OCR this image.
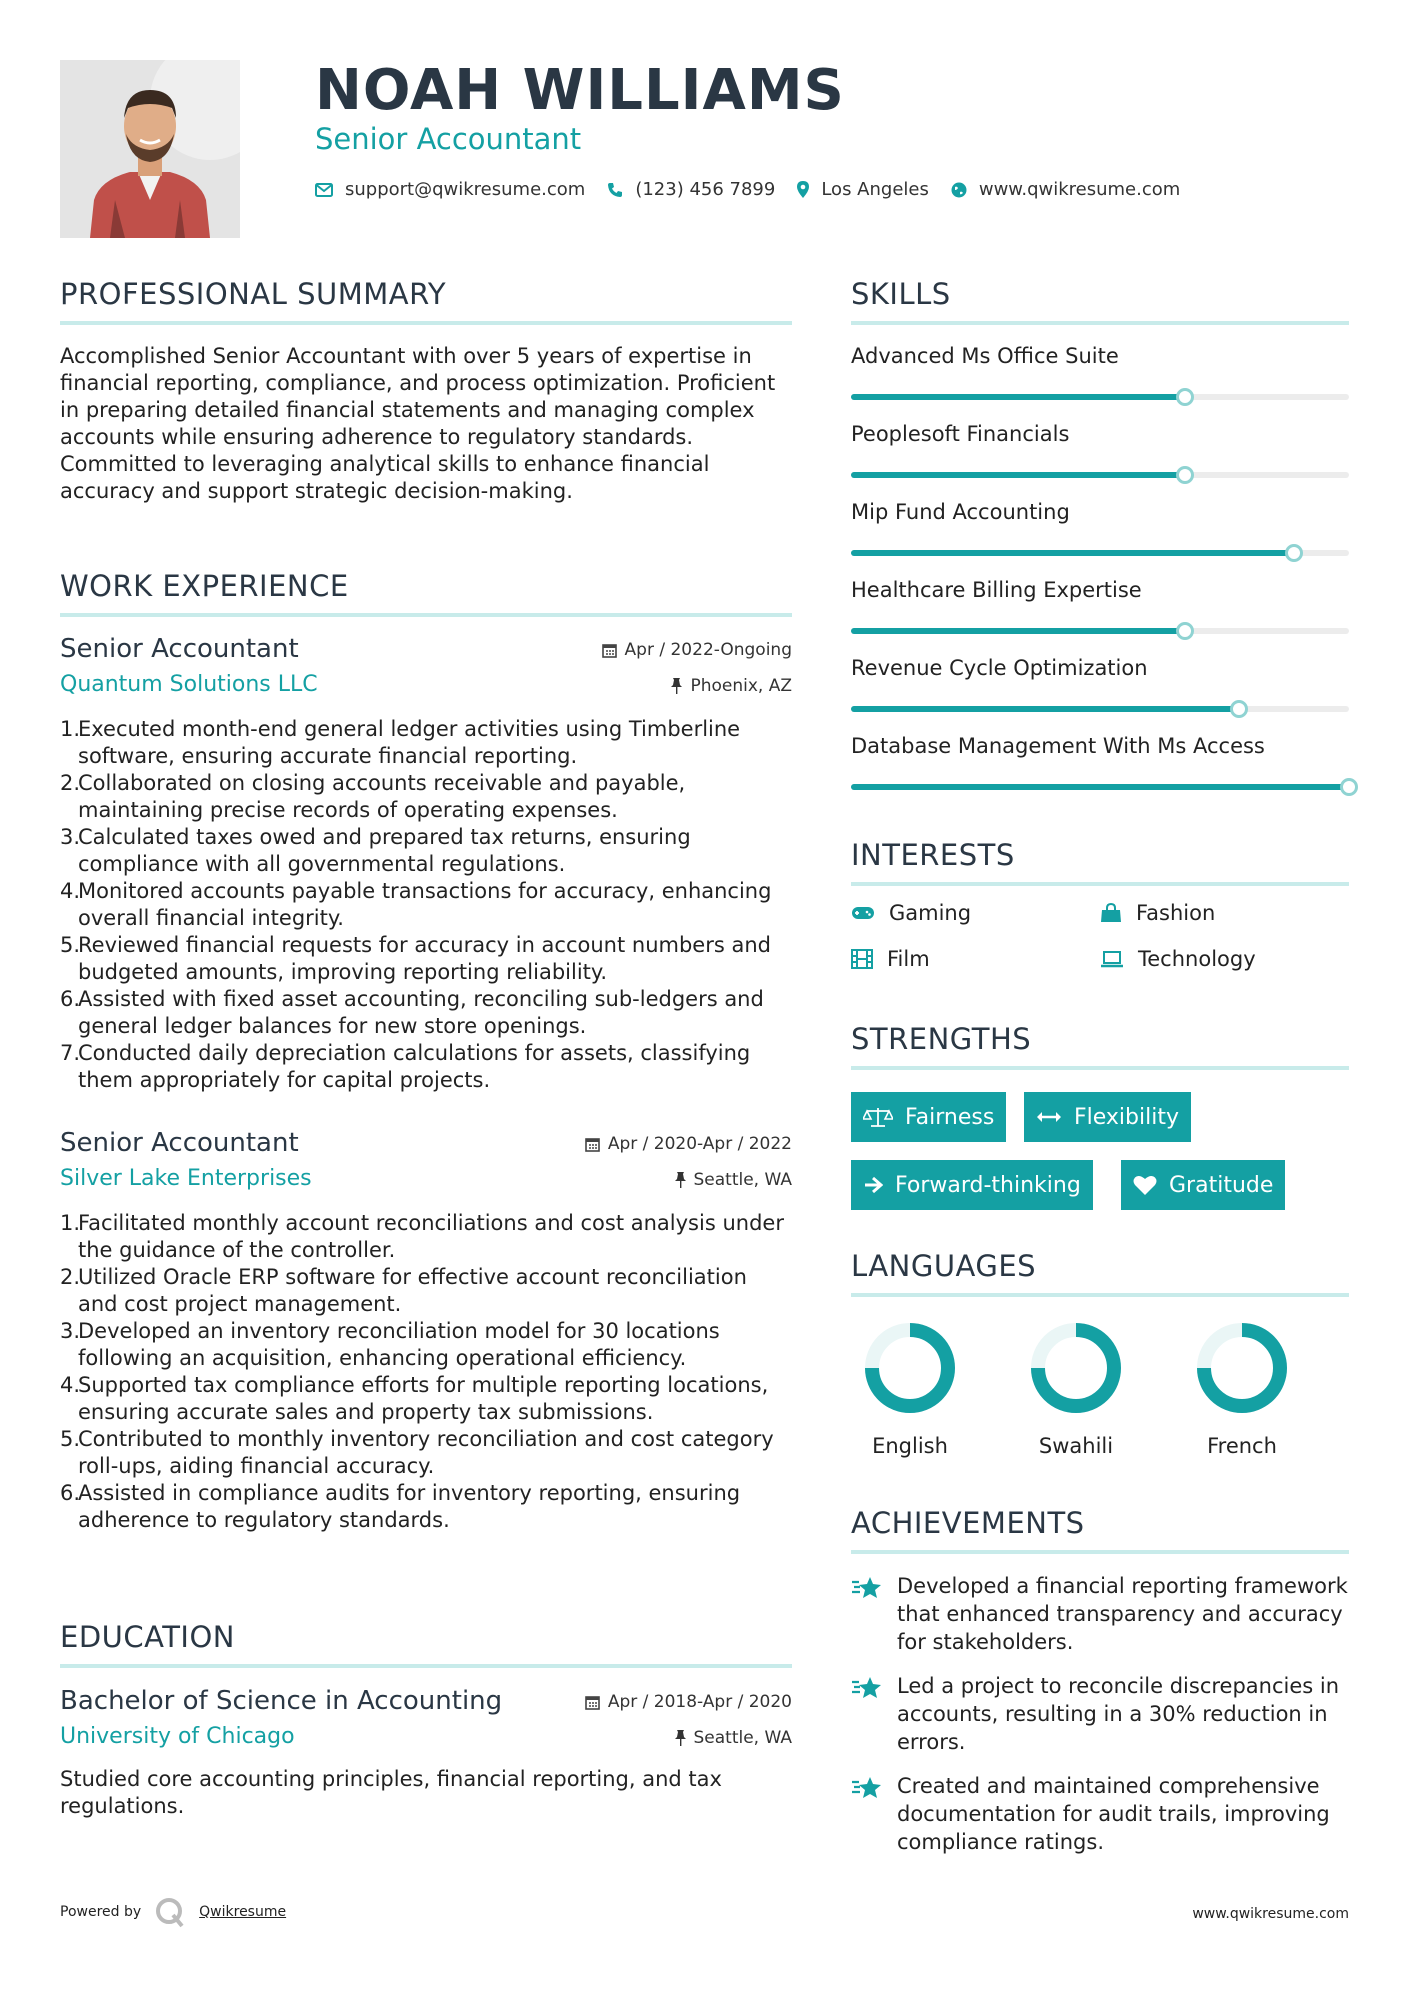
NOAH WILLIAMS
Senior Accountant
support@qwikresume.com	(123) 456 7899	Los Angeles	www.qwikresume.com
PROFESSIONAL SUMMARY

Accomplished Senior Accountant with over 5 years of expertise in financial reporting, compliance, and process optimization. Proficient in preparing detailed financial statements and managing complex accounts while ensuring adherence to regulatory standards. Committed to leveraging analytical skills to enhance financial accuracy and support strategic decision-making.

WORK EXPERIENCE
Senior Accountant
Quantum Solutions LLC
Apr / 2022-Ongoing
Phoenix, AZ
1.
Executed month-end general ledger activities using Timberline software, ensuring accurate financial reporting.
2.
Collaborated on closing accounts receivable and payable, maintaining precise records of operating expenses.
3.
Calculated taxes owed and prepared tax returns, ensuring compliance with all governmental regulations.
4.
Monitored accounts payable transactions for accuracy, enhancing overall financial integrity.
5.
Reviewed financial requests for accuracy in account numbers and budgeted amounts, improving reporting reliability.
6.
Assisted with fixed asset accounting, reconciling sub-ledgers and general ledger balances for new store openings.
7.
Conducted daily depreciation calculations for assets, classifying them appropriately for capital projects.
Senior Accountant
Silver Lake Enterprises
Apr / 2020-Apr / 2022
Seattle, WA
1.
Facilitated monthly account reconciliations and cost analysis under the guidance of the controller.
2.
Utilized Oracle ERP software for effective account reconciliation and cost project management.
3.
Developed an inventory reconciliation model for 30 locations following an acquisition, enhancing operational efficiency.
4.
Supported tax compliance efforts for multiple reporting locations, ensuring accurate sales and property tax submissions.
5.
Contributed to monthly inventory reconciliation and cost category roll-ups, aiding financial accuracy.
6.
Assisted in compliance audits for inventory reporting, ensuring adherence to regulatory standards.
EDUCATION
Bachelor of Science in Accounting
University of Chicago
Apr / 2018-Apr / 2020
Seattle, WA

Studied core accounting principles, financial reporting, and tax regulations.

SKILLS
Advanced Ms Office Suite
Peoplesoft Financials
Mip Fund Accounting
Healthcare Billing Expertise
Revenue Cycle Optimization
Database Management With Ms Access
INTERESTS
Gaming	Fashion
Film	Technology
STRENGTHS
Fairness	Flexibility
Forward-thinking	Gratitude
LANGUAGES
English	Swahili	French
ACHIEVEMENTS
Developed a financial reporting framework that enhanced transparency and accuracy for stakeholders.
Led a project to reconcile discrepancies in accounts, resulting in a 30% reduction in errors.
Created and maintained comprehensive documentation for audit trails, improving compliance ratings.
Powered by	Qwikresume	www.qwikresume.com
